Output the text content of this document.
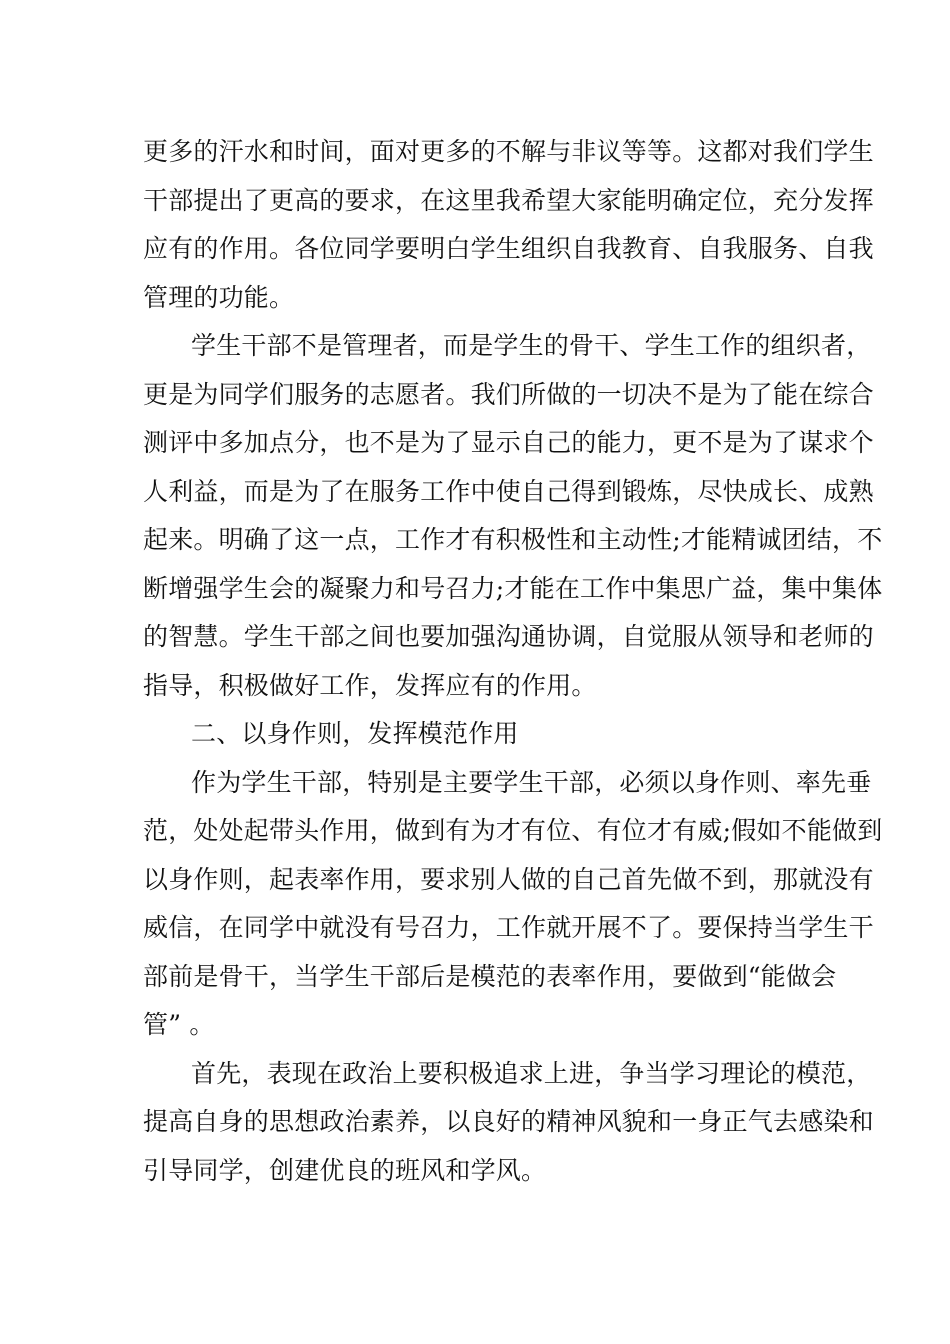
更多的汗水和时间，面对更多的不解与非议等等。这都对我们学生
干部提出了更高的要求，在这里我希望大家能明确定位，充分发挥
应有的作用。各位同学要明白学生组织自我教育、自我服务、自我
管理的功能。
学生干部不是管理者，而是学生的骨干、学生工作的组织者，
更是为同学们服务的志愿者。我们所做的一切决不是为了能在综合
测评中多加点分，也不是为了显示自己的能力，更不是为了谋求个
人利益，而是为了在服务工作中使自己得到锻炼，尽快成长、成熟
起来。明确了这一点，工作才有积极性和主动性;才能精诚团结，不
断增强学生会的凝聚力和号召力;才能在工作中集思广益，集中集体
的智慧。学生干部之间也要加强沟通协调，自觉服从领导和老师的
指导，积极做好工作，发挥应有的作用。
二、以身作则，发挥模范作用
作为学生干部，特别是主要学生干部，必须以身作则、率先垂
范，处处起带头作用，做到有为才有位、有位才有威;假如不能做到
以身作则，起表率作用，要求别人做的自己首先做不到，那就没有
威信，在同学中就没有号召力，工作就开展不了。要保持当学生干
部前是骨干，当学生干部后是模范的表率作用，要做到“能做会
管” 。
首先，表现在政治上要积极追求上进，争当学习理论的模范，
提高自身的思想政治素养，以良好的精神风貌和一身正气去感染和
引导同学，创建优良的班风和学风。
